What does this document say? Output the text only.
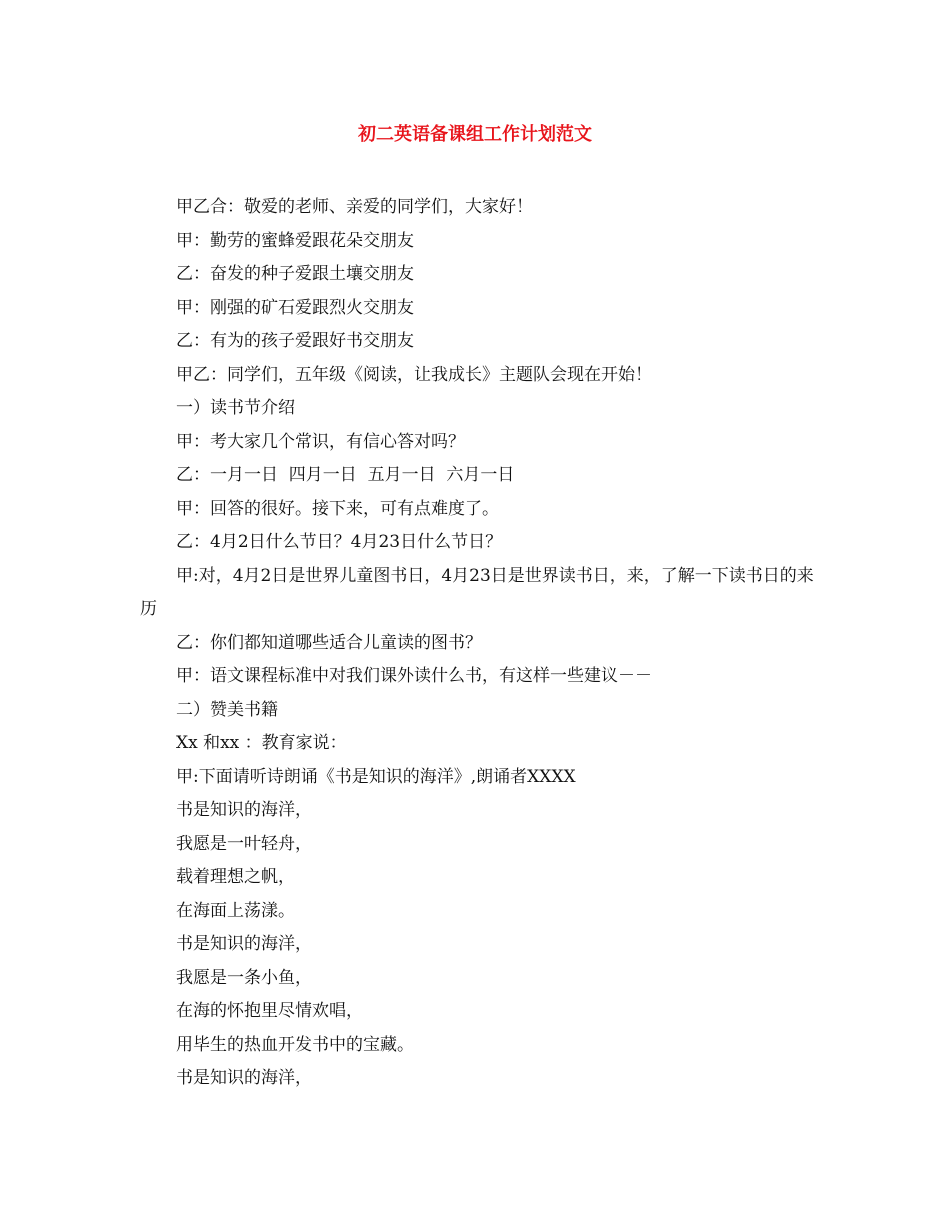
初二英语备课组工作计划范文

甲乙合：敬爱的老师、亲爱的同学们，大家好！

甲：勤劳的蜜蜂爱跟花朵交朋友

乙：奋发的种子爱跟土壤交朋友

甲：刚强的矿石爱跟烈火交朋友

乙：有为的孩子爱跟好书交朋友

甲乙：同学们，五年级《阅读，让我成长》主题队会现在开始！

一）读书节介绍

甲：考大家几个常识，有信心答对吗？

乙：一月一日  四月一日  五月一日  六月一日

甲：回答的很好。接下来，可有点难度了。

乙：4月2日什么节日？4月23日什么节日？

甲:对，4月2日是世界儿童图书日，4月23日是世界读书日，来，了解一下读书日的来历

乙：你们都知道哪些适合儿童读的图书？

甲：语文课程标准中对我们课外读什么书，有这样一些建议－－

二）赞美书籍

Xx 和xx ：教育家说：

甲:下面请听诗朗诵《书是知识的海洋》,朗诵者XXXX

书是知识的海洋，

我愿是一叶轻舟，

载着理想之帆，

在海面上荡漾。

书是知识的海洋，

我愿是一条小鱼，

在海的怀抱里尽情欢唱，

用毕生的热血开发书中的宝藏。

书是知识的海洋，
